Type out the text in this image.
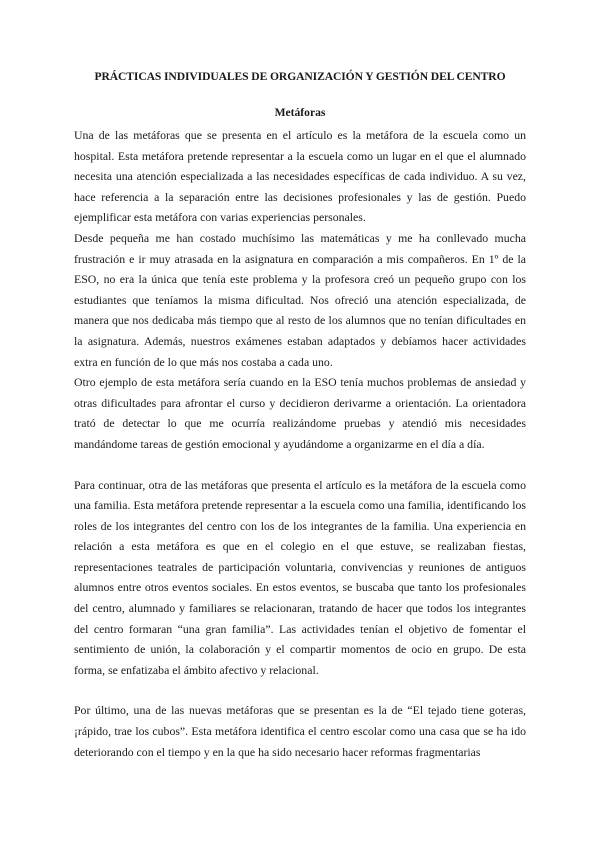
PRÁCTICAS INDIVIDUALES DE ORGANIZACIÓN Y GESTIÓN DEL CENTRO
Metáforas

Una de las metáforas que se presenta en el artículo es la metáfora de la escuela como un hospital. Esta metáfora pretende representar a la escuela como un lugar en el que el alumnado necesita una atención especializada a las necesidades específicas de cada individuo. A su vez, hace referencia a la separación entre las decisiones profesionales y las de gestión. Puedo ejemplificar esta metáfora con varias experiencias personales.

Desde pequeña me han costado muchísimo las matemáticas y me ha conllevado mucha frustración e ir muy atrasada en la asignatura en comparación a mis compañeros. En 1º de la ESO, no era la única que tenía este problema y la profesora creó un pequeño grupo con los estudiantes que teníamos la misma dificultad. Nos ofreció una atención especializada, de manera que nos dedicaba más tiempo que al resto de los alumnos que no tenían dificultades en la asignatura. Además, nuestros exámenes estaban adaptados y debíamos hacer actividades extra en función de lo que más nos costaba a cada uno.

Otro ejemplo de esta metáfora sería cuando en la ESO tenía muchos problemas de ansiedad y otras dificultades para afrontar el curso y decidieron derivarme a orientación. La orientadora trató de detectar lo que me ocurría realizándome pruebas y atendió mis necesidades mandándome tareas de gestión emocional y ayudándome a organizarme en el día a día.

Para continuar, otra de las metáforas que presenta el artículo es la metáfora de la escuela como una familia. Esta metáfora pretende representar a la escuela como una familia, identificando los roles de los integrantes del centro con los de los integrantes de la familia. Una experiencia en relación a esta metáfora es que en el colegio en el que estuve, se realizaban fiestas, representaciones teatrales de participación voluntaria, convivencias y reuniones de antiguos alumnos entre otros eventos sociales. En estos eventos, se buscaba que tanto los profesionales del centro, alumnado y familiares se relacionaran, tratando de hacer que todos los integrantes del centro formaran “una gran familia”. Las actividades tenían el objetivo de fomentar el sentimiento de unión, la colaboración y el compartir momentos de ocio en grupo. De esta forma, se enfatizaba el ámbito afectivo y relacional.

Por último, una de las nuevas metáforas que se presentan es la de “El tejado tiene goteras, ¡rápido, trae los cubos”. Esta metáfora identifica el centro escolar como una casa que se ha ido deteriorando con el tiempo y en la que ha sido necesario hacer reformas fragmentarias
